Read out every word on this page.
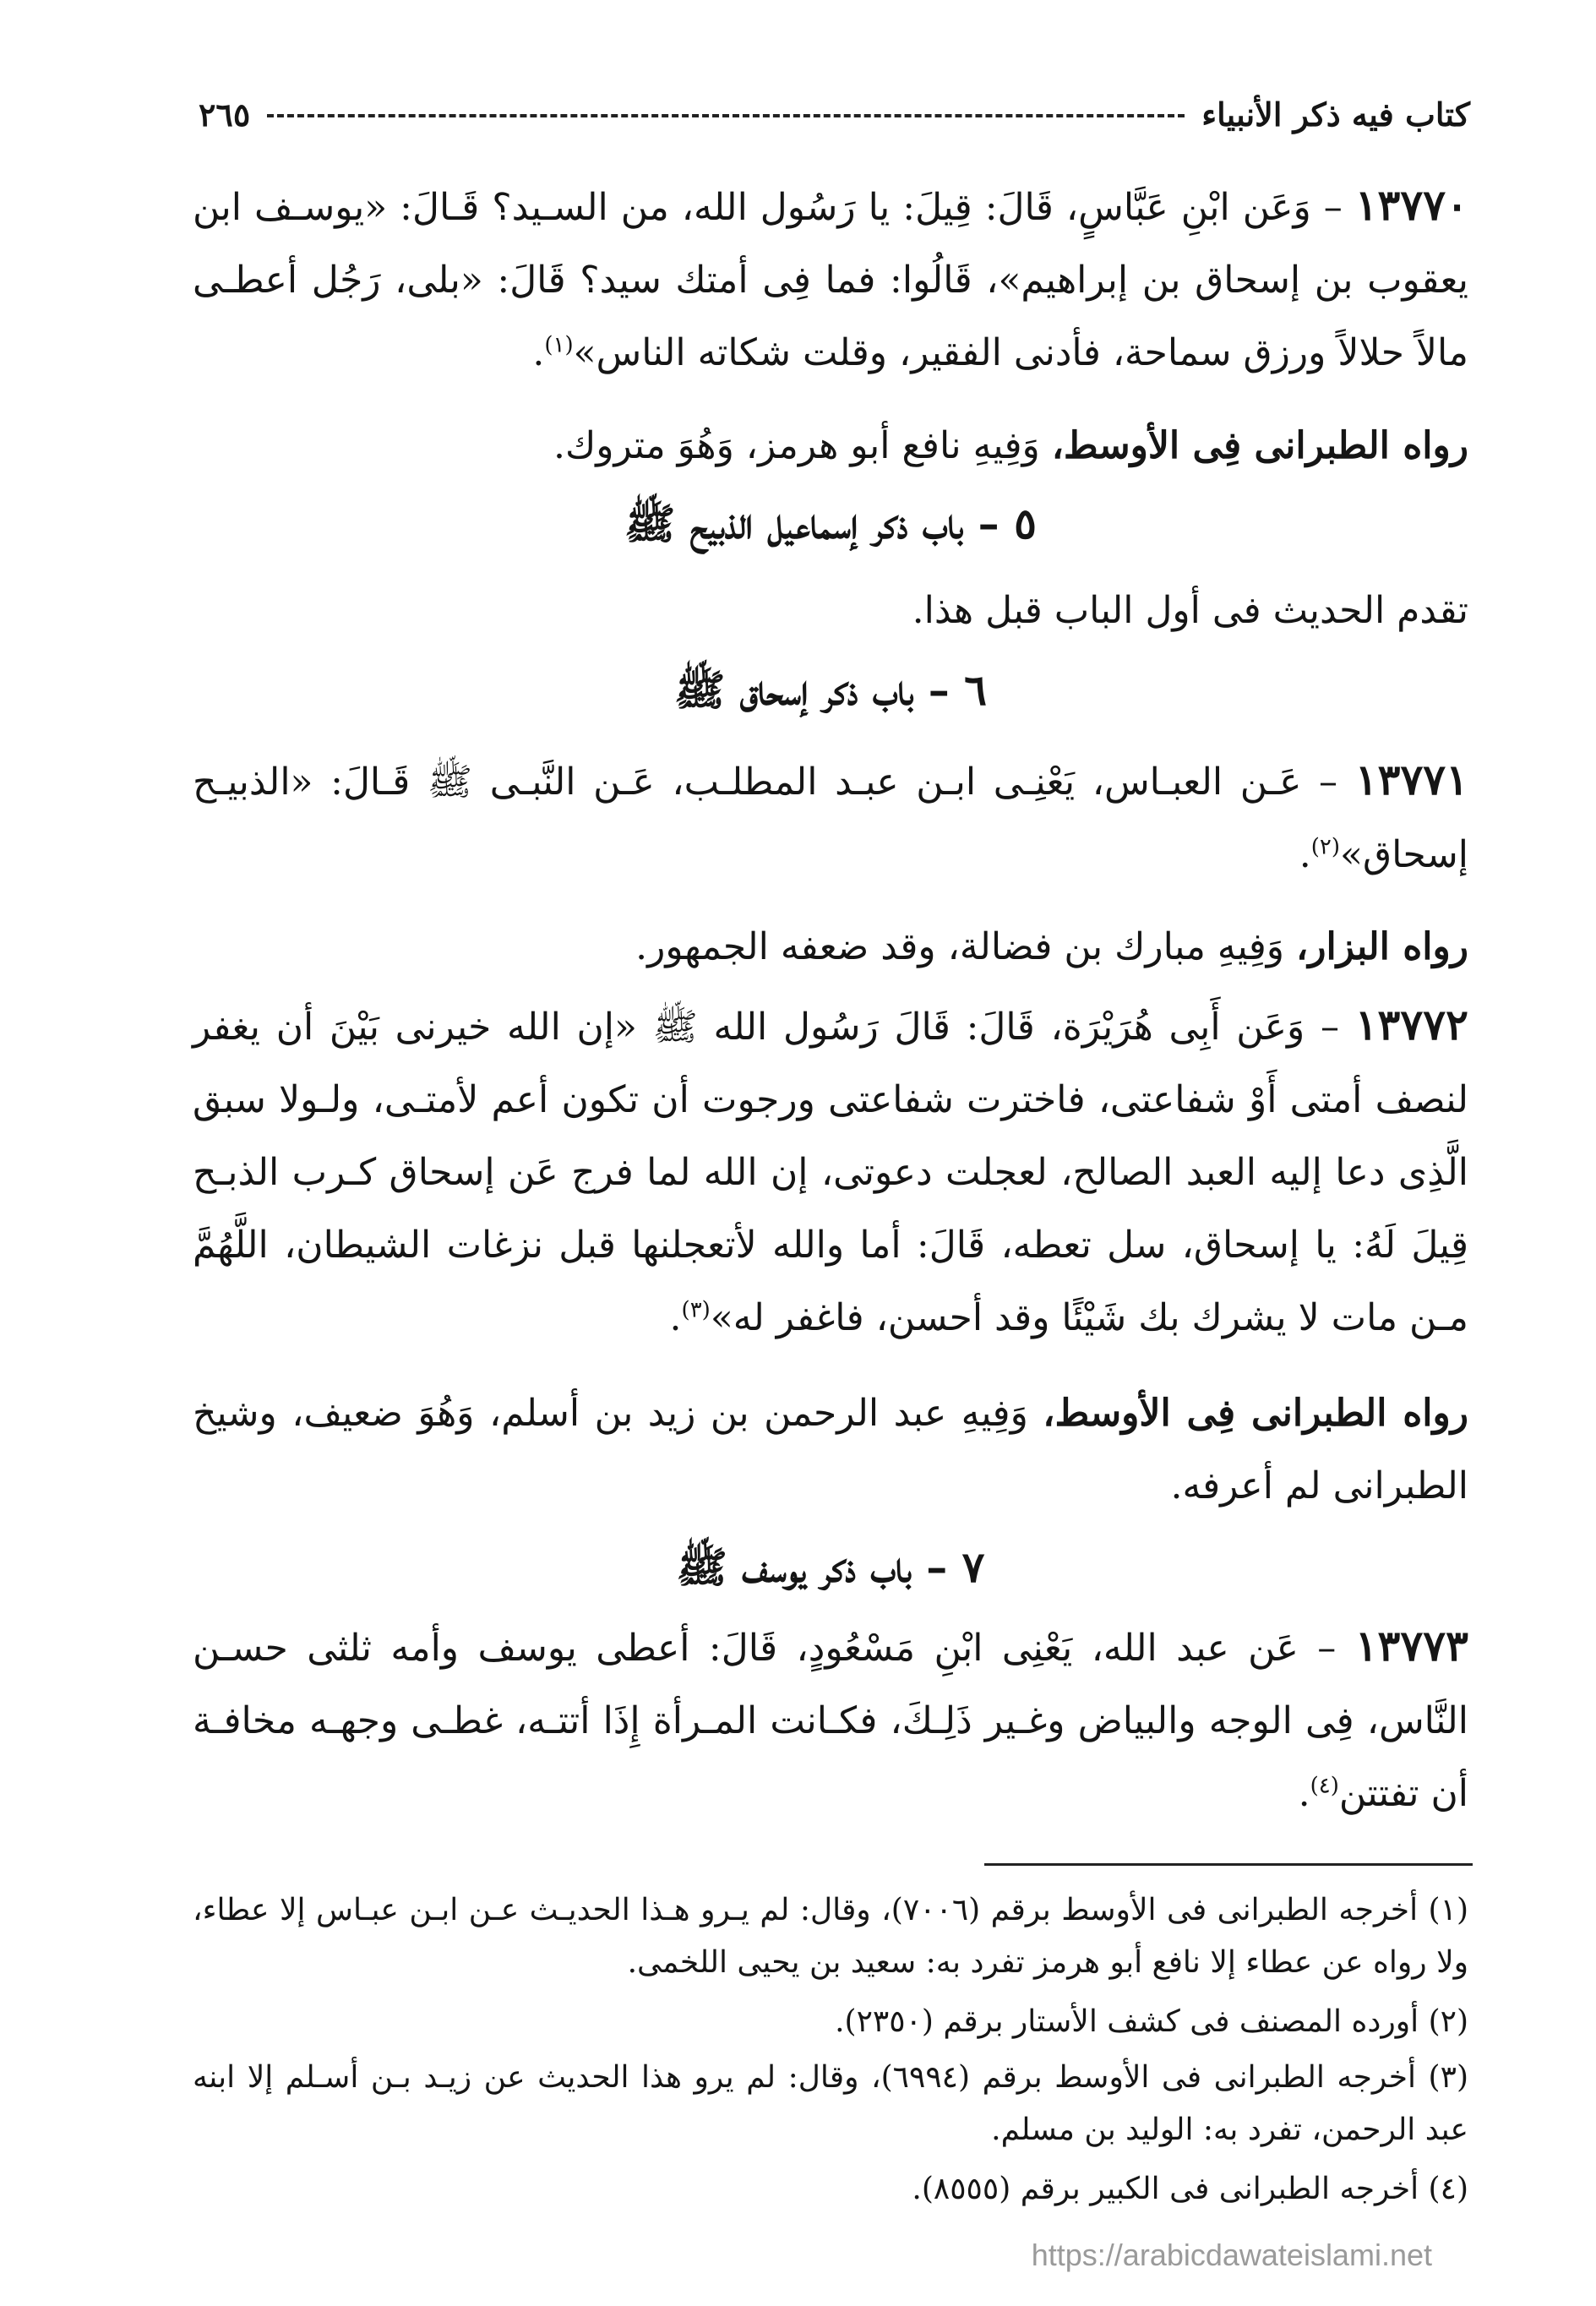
كتاب فيه ذكر الأنبياء
٢٦٥
١٣٧٧٠ – وَعَن ابْنِ عَبَّاسٍ، قَالَ: قِيلَ: يا رَسُول الله، من السـيد؟ قَـالَ: «يوسـف ابن يعقوب بن إسحاق بن إبراهيم»، قَالُوا: فما فِى أمتك سيد؟ قَالَ: «بلى، رَجُل أعطـى مالاً حلالاً ورزق سماحة، فأدنى الفقير، وقلت شكاته الناس»$^{(١)}$.
رواه الطبرانى فِى الأوسط، وَفِيهِ نافع أبو هرمز، وَهُوَ متروك.
٥ – باب ذكر إسماعيل الذبيح ﷺ
تقدم الحديث فى أول الباب قبل هذا.
٦ – باب ذكر إسحاق ﷺ
١٣٧٧١ – عَـن العبـاس، يَعْنِـى ابـن عبـد المطلـب، عَـن النَّبـى ﷺ قَـالَ: «الذبيـح إسحاق»$^{(٢)}$.
رواه البزار، وَفِيهِ مبارك بن فضالة، وقد ضعفه الجمهور.
١٣٧٧٢ – وَعَن أَبِى هُرَيْرَة، قَالَ: قَالَ رَسُول الله ﷺ «إن الله خيرنى بَيْنَ أن يغفر لنصف أمتى أَوْ شفاعتى، فاخترت شفاعتى ورجوت أن تكون أعم لأمتـى، ولـولا سبق الَّذِى دعا إليه العبد الصالح، لعجلت دعوتى، إن الله لما فرج عَن إسحاق كـرب الذبـح قِيلَ لَهُ: يا إسحاق، سل تعطه، قَالَ: أما والله لأتعجلنها قبل نزغات الشيطان، اللَّهُمَّ مـن مات لا يشرك بك شَيْئًا وقد أحسن، فاغفر له»$^{(٣)}$.
رواه الطبرانى فِى الأوسط، وَفِيهِ عبد الرحمن بن زيد بن أسلم، وَهُوَ ضعيف، وشيخ الطبرانى لم أعرفه.
٧ – باب ذكر يوسف ﷺ
١٣٧٧٣ – عَن عبد الله، يَعْنِى ابْنِ مَسْعُودٍ، قَالَ: أعطى يوسف وأمه ثلثى حسـن النَّاس، فِى الوجه والبياض وغـير ذَلِـكَ، فكـانت المـرأة إِذَا أتتـه، غطـى وجهـه مخافـة أن تفتتن$^{(٤)}$.
(١) أخرجه الطبرانى فى الأوسط برقم (٧٠٠٦)، وقال: لم يـرو هـذا الحديـث عـن ابـن عبـاس إلا عطاء، ولا رواه عن عطاء إلا نافع أبو هرمز تفرد به: سعيد بن يحيى اللخمى.
(٢) أورده المصنف فى كشف الأستار برقم (٢٣٥٠).
(٣) أخرجه الطبرانى فى الأوسط برقم (٦٩٩٤)، وقال: لم يرو هذا الحديث عن زيـد بـن أسـلم إلا ابنه عبد الرحمن، تفرد به: الوليد بن مسلم.
(٤) أخرجه الطبرانى فى الكبير برقم (٨٥٥٥).
https://arabicdawateislami.net
